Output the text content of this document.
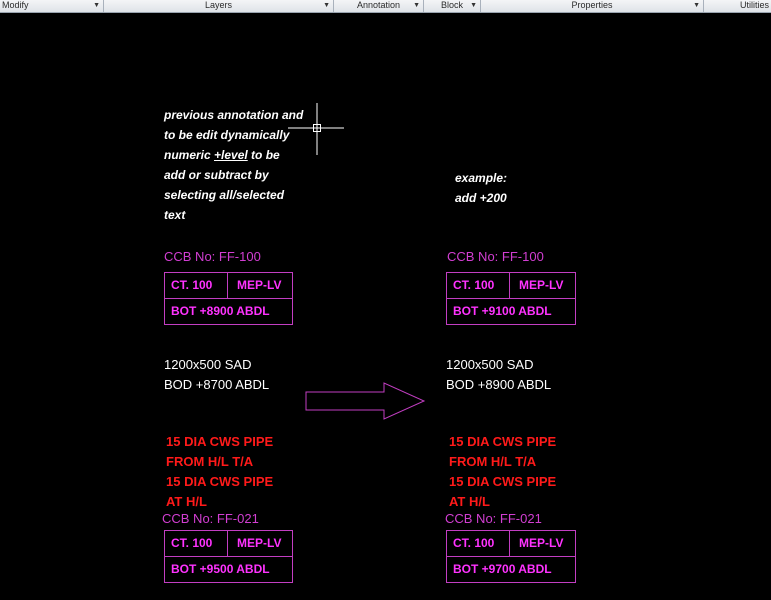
Modify	▼	Layers	▼	Annotation	▼	Block	▼	Properties	▼	Utilities
previous annotation and
to be edit dynamically
numeric +level to be
add or subtract by
selecting all/selected
text
example:
add +200
CCB No: FF-100
CT. 100 MEP-LV
BOT +8900 ABDL
1200x500 SAD
BOD +8700 ABDL
15 DIA CWS PIPE
FROM H/L T/A
15 DIA CWS PIPE
AT H/L
CCB No: FF-021
CT. 100 MEP-LV
BOT +9500 ABDL
CCB No: FF-100
CT. 100 MEP-LV
BOT +9100 ABDL
1200x500 SAD
BOD +8900 ABDL
15 DIA CWS PIPE
FROM H/L T/A
15 DIA CWS PIPE
AT H/L
CCB No: FF-021
CT. 100 MEP-LV
BOT +9700 ABDL
